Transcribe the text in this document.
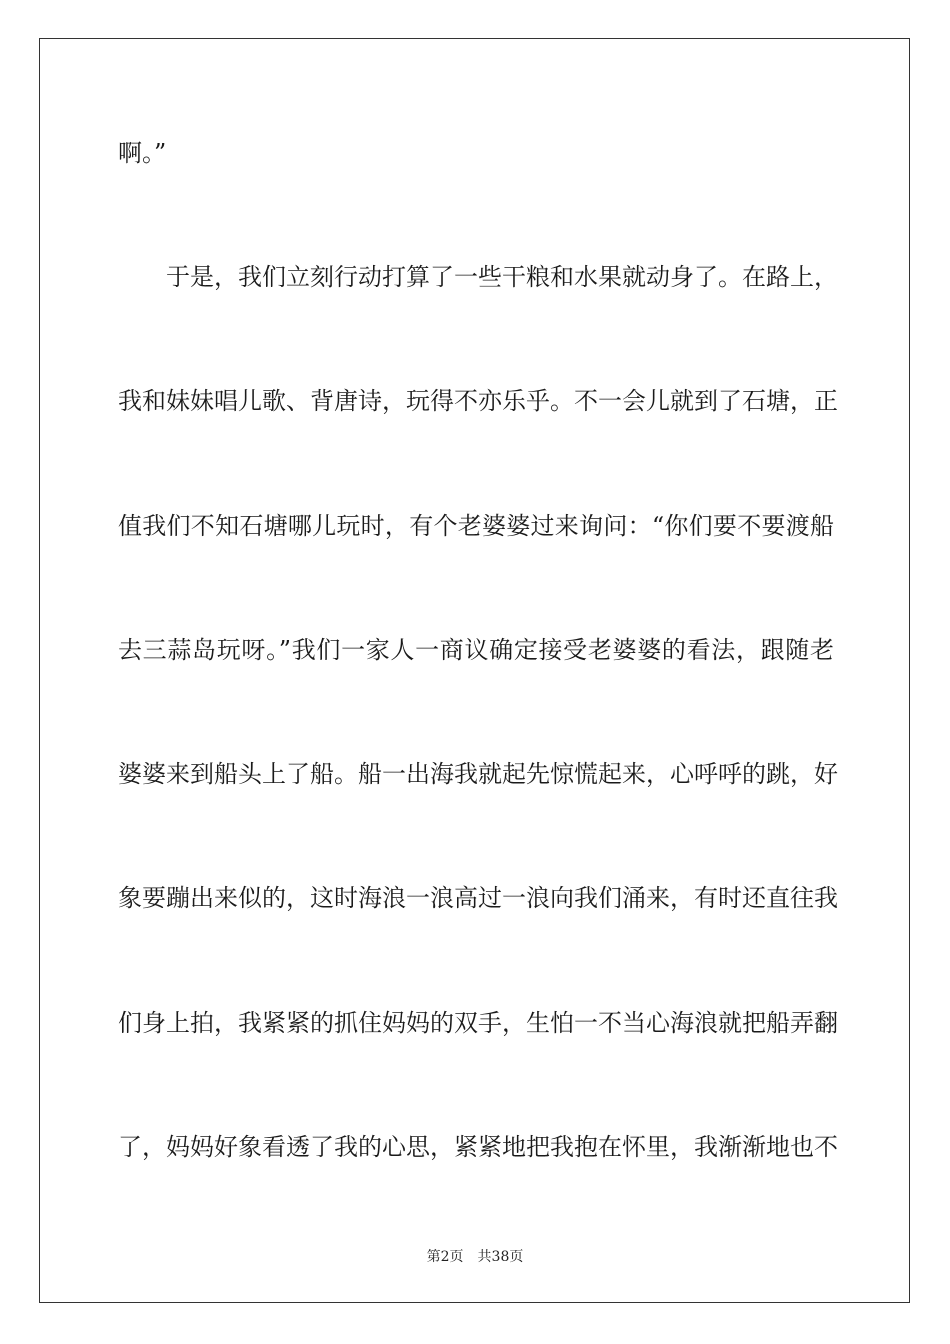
啊。”
于是，我们立刻行动打算了一些干粮和水果就动身了。在路上，
我和妹妹唱儿歌、背唐诗，玩得不亦乐乎。不一会儿就到了石塘，正
值我们不知石塘哪儿玩时，有个老婆婆过来询问：“你们要不要渡船
去三蒜岛玩呀。”我们一家人一商议确定接受老婆婆的看法，跟随老
婆婆来到船头上了船。船一出海我就起先惊慌起来，心呼呼的跳，好
象要蹦出来似的，这时海浪一浪高过一浪向我们涌来，有时还直往我
们身上拍，我紧紧的抓住妈妈的双手，生怕一不当心海浪就把船弄翻
了，妈妈好象看透了我的心思，紧紧地把我抱在怀里，我渐渐地也不
第2页 共38页
